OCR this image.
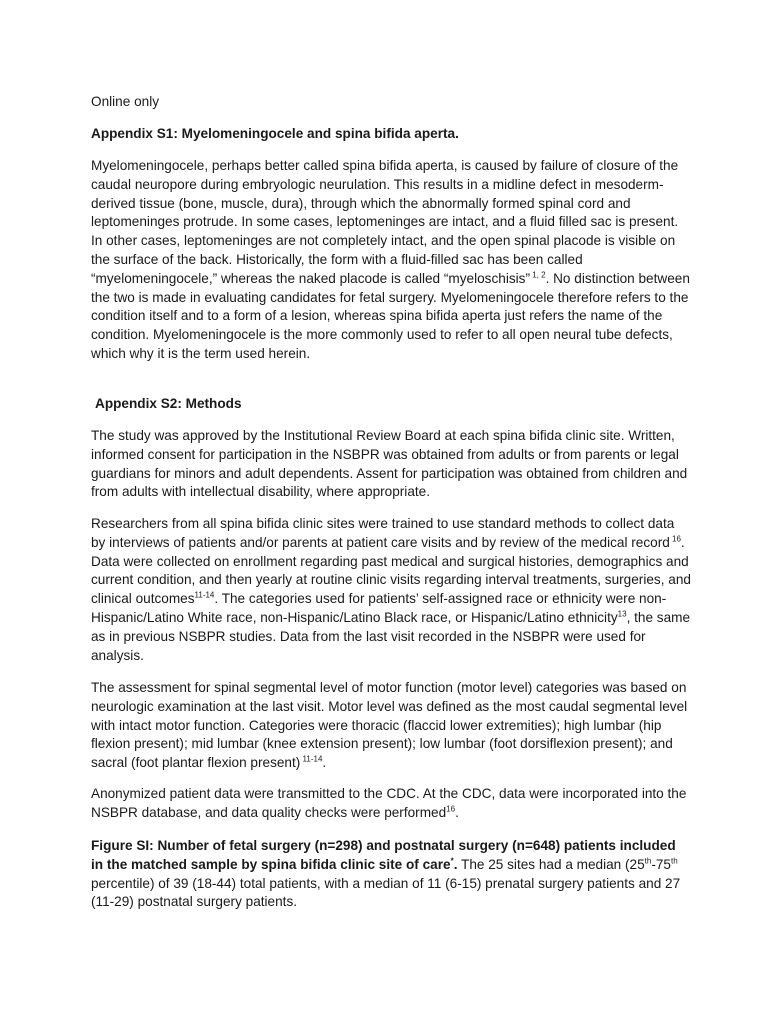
Online only

Appendix S1: Myelomeningocele and spina bifida aperta.

Myelomeningocele, perhaps better called spina bifida aperta, is caused by failure of closure of the caudal neuropore during embryologic neurulation. This results in a midline defect in mesoderm-derived tissue (bone, muscle, dura), through which the abnormally formed spinal cord and leptomeninges protrude. In some cases, leptomeninges are intact, and a fluid filled sac is present. In other cases, leptomeninges are not completely intact, and the open spinal placode is visible on the surface of the back. Historically, the form with a fluid-filled sac has been called “myelomeningocele,” whereas the naked placode is called “myeloschisis” $^{1, 2}$. No distinction between the two is made in evaluating candidates for fetal surgery. Myelomeningocele therefore refers to the condition itself and to a form of a lesion, whereas spina bifida aperta just refers the name of the condition. Myelomeningocele is the more commonly used to refer to all open neural tube defects, which why it is the term used herein.

Appendix S2: Methods

The study was approved by the Institutional Review Board at each spina bifida clinic site. Written, informed consent for participation in the NSBPR was obtained from adults or from parents or legal guardians for minors and adult dependents. Assent for participation was obtained from children and from adults with intellectual disability, where appropriate.

Researchers from all spina bifida clinic sites were trained to use standard methods to collect data by interviews of patients and/or parents at patient care visits and by review of the medical record $^{16}$. Data were collected on enrollment regarding past medical and surgical histories, demographics and current condition, and then yearly at routine clinic visits regarding interval treatments, surgeries, and clinical outcomes$^{11-14}$. The categories used for patients’ self-assigned race or ethnicity were non-Hispanic/Latino White race, non-Hispanic/Latino Black race, or Hispanic/Latino ethnicity$^{13}$, the same as in previous NSBPR studies. Data from the last visit recorded in the NSBPR were used for analysis.

The assessment for spinal segmental level of motor function (motor level) categories was based on neurologic examination at the last visit. Motor level was defined as the most caudal segmental level with intact motor function. Categories were thoracic (flaccid lower extremities); high lumbar (hip flexion present); mid lumbar (knee extension present); low lumbar (foot dorsiflexion present); and sacral (foot plantar flexion present) $^{11-14}$.

Anonymized patient data were transmitted to the CDC. At the CDC, data were incorporated into the NSBPR database, and data quality checks were performed$^{16}$.

Figure SI: Number of fetal surgery (n=298) and postnatal surgery (n=648) patients included in the matched sample by spina bifida clinic site of care*. The 25 sites had a median (25th-75th percentile) of 39 (18-44) total patients, with a median of 11 (6-15) prenatal surgery patients and 27 (11-29) postnatal surgery patients.
